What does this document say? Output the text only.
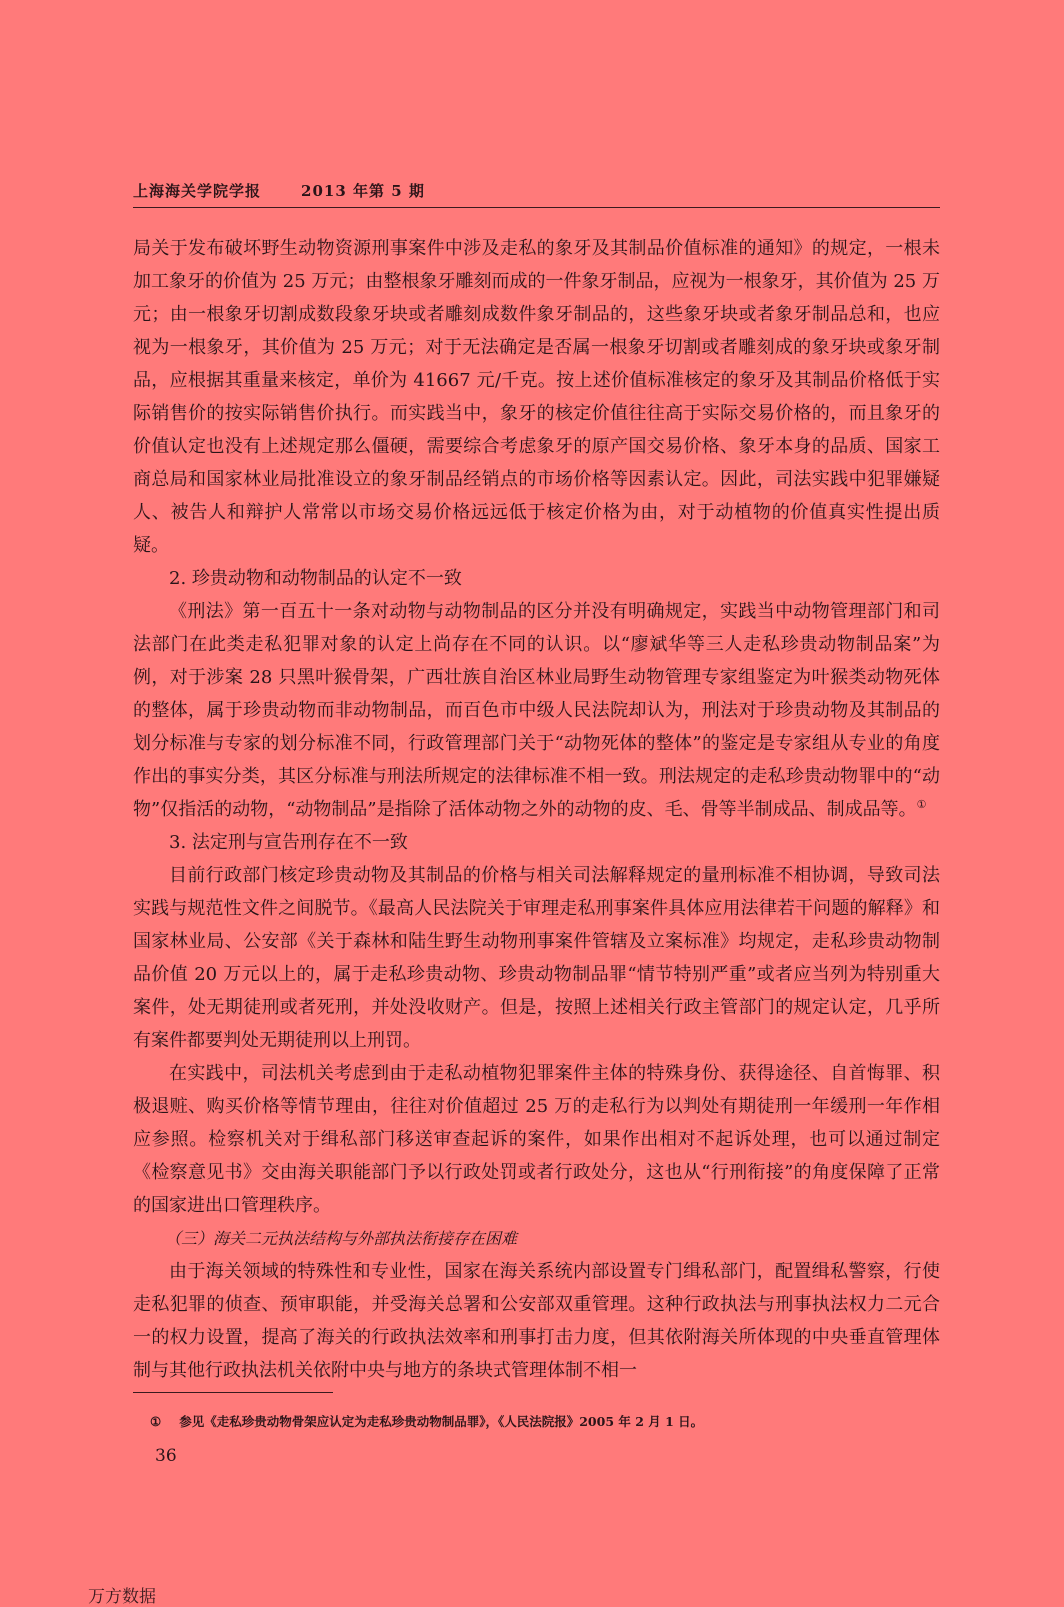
上海海关学院学报	2013 年第 5 期

局关于发布破坏野生动物资源刑事案件中涉及走私的象牙及其制品价值标准的通知》的规定，一根未加工象牙的价值为 25 万元；由整根象牙雕刻而成的一件象牙制品，应视为一根象牙，其价值为 25 万元；由一根象牙切割成数段象牙块或者雕刻成数件象牙制品的，这些象牙块或者象牙制品总和，也应视为一根象牙，其价值为 25 万元；对于无法确定是否属一根象牙切割或者雕刻成的象牙块或象牙制品，应根据其重量来核定，单价为 41667 元/千克。按上述价值标准核定的象牙及其制品价格低于实际销售价的按实际销售价执行。而实践当中，象牙的核定价值往往高于实际交易价格的，而且象牙的价值认定也没有上述规定那么僵硬，需要综合考虑象牙的原产国交易价格、象牙本身的品质、国家工商总局和国家林业局批准设立的象牙制品经销点的市场价格等因素认定。因此，司法实践中犯罪嫌疑人、被告人和辩护人常常以市场交易价格远远低于核定价格为由，对于动植物的价值真实性提出质疑。

2. 珍贵动物和动物制品的认定不一致

《刑法》第一百五十一条对动物与动物制品的区分并没有明确规定，实践当中动物管理部门和司法部门在此类走私犯罪对象的认定上尚存在不同的认识。以“廖斌华等三人走私珍贵动物制品案”为例，对于涉案 28 只黑叶猴骨架，广西壮族自治区林业局野生动物管理专家组鉴定为叶猴类动物死体的整体，属于珍贵动物而非动物制品，而百色市中级人民法院却认为，刑法对于珍贵动物及其制品的划分标准与专家的划分标准不同，行政管理部门关于“动物死体的整体”的鉴定是专家组从专业的角度作出的事实分类，其区分标准与刑法所规定的法律标准不相一致。刑法规定的走私珍贵动物罪中的“动物”仅指活的动物，“动物制品”是指除了活体动物之外的动物的皮、毛、骨等半制成品、制成品等。①

3. 法定刑与宣告刑存在不一致

目前行政部门核定珍贵动物及其制品的价格与相关司法解释规定的量刑标准不相协调，导致司法实践与规范性文件之间脱节。《最高人民法院关于审理走私刑事案件具体应用法律若干问题的解释》和国家林业局、公安部《关于森林和陆生野生动物刑事案件管辖及立案标准》均规定，走私珍贵动物制品价值 20 万元以上的，属于走私珍贵动物、珍贵动物制品罪“情节特别严重”或者应当列为特别重大案件，处无期徒刑或者死刑，并处没收财产。但是，按照上述相关行政主管部门的规定认定，几乎所有案件都要判处无期徒刑以上刑罚。

在实践中，司法机关考虑到由于走私动植物犯罪案件主体的特殊身份、获得途径、自首悔罪、积极退赃、购买价格等情节理由，往往对价值超过 25 万的走私行为以判处有期徒刑一年缓刑一年作相应参照。检察机关对于缉私部门移送审查起诉的案件，如果作出相对不起诉处理，也可以通过制定《检察意见书》交由海关职能部门予以行政处罚或者行政处分，这也从“行刑衔接”的角度保障了正常的国家进出口管理秩序。

（三）海关二元执法结构与外部执法衔接存在困难

由于海关领域的特殊性和专业性，国家在海关系统内部设置专门缉私部门，配置缉私警察，行使走私犯罪的侦查、预审职能，并受海关总署和公安部双重管理。这种行政执法与刑事执法权力二元合一的权力设置，提高了海关的行政执法效率和刑事打击力度，但其依附海关所体现的中央垂直管理体制与其他行政执法机关依附中央与地方的条块式管理体制不相一

① 参见《走私珍贵动物骨架应认定为走私珍贵动物制品罪》，《人民法院报》2005 年 2 月 1 日。
36
万方数据
